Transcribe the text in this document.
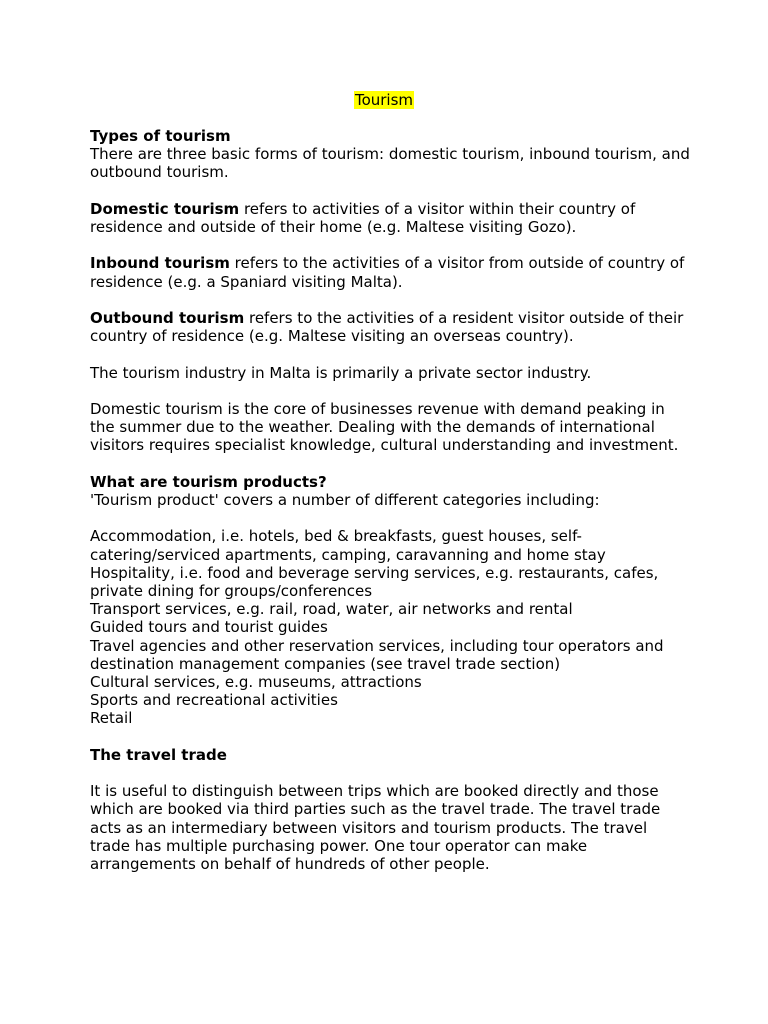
Tourism

Types of tourism

There are three basic forms of tourism: domestic tourism, inbound tourism, and outbound tourism.

Domestic tourism refers to activities of a visitor within their country of residence and outside of their home (e.g. Maltese visiting Gozo).

Inbound tourism refers to the activities of a visitor from outside of country of residence (e.g. a Spaniard visiting Malta).

Outbound tourism refers to the activities of a resident visitor outside of their country of residence (e.g. Maltese visiting an overseas country).

The tourism industry in Malta is primarily a private sector industry.

Domestic tourism is the core of businesses revenue with demand peaking in the summer due to the weather. Dealing with the demands of international visitors requires specialist knowledge, cultural understanding and investment.

What are tourism products?

'Tourism product' covers a number of different categories including:

Accommodation, i.e. hotels, bed & breakfasts, guest houses, self-catering/serviced apartments, camping, caravanning and home stay
Hospitality, i.e. food and beverage serving services, e.g. restaurants, cafes, private dining for groups/conferences
Transport services, e.g. rail, road, water, air networks and rental
Guided tours and tourist guides
Travel agencies and other reservation services, including tour operators and destination management companies (see travel trade section)
Cultural services, e.g. museums, attractions
Sports and recreational activities
Retail

The travel trade

It is useful to distinguish between trips which are booked directly and those which are booked via third parties such as the travel trade. The travel trade acts as an intermediary between visitors and tourism products. The travel trade has multiple purchasing power. One tour operator can make arrangements on behalf of hundreds of other people.
